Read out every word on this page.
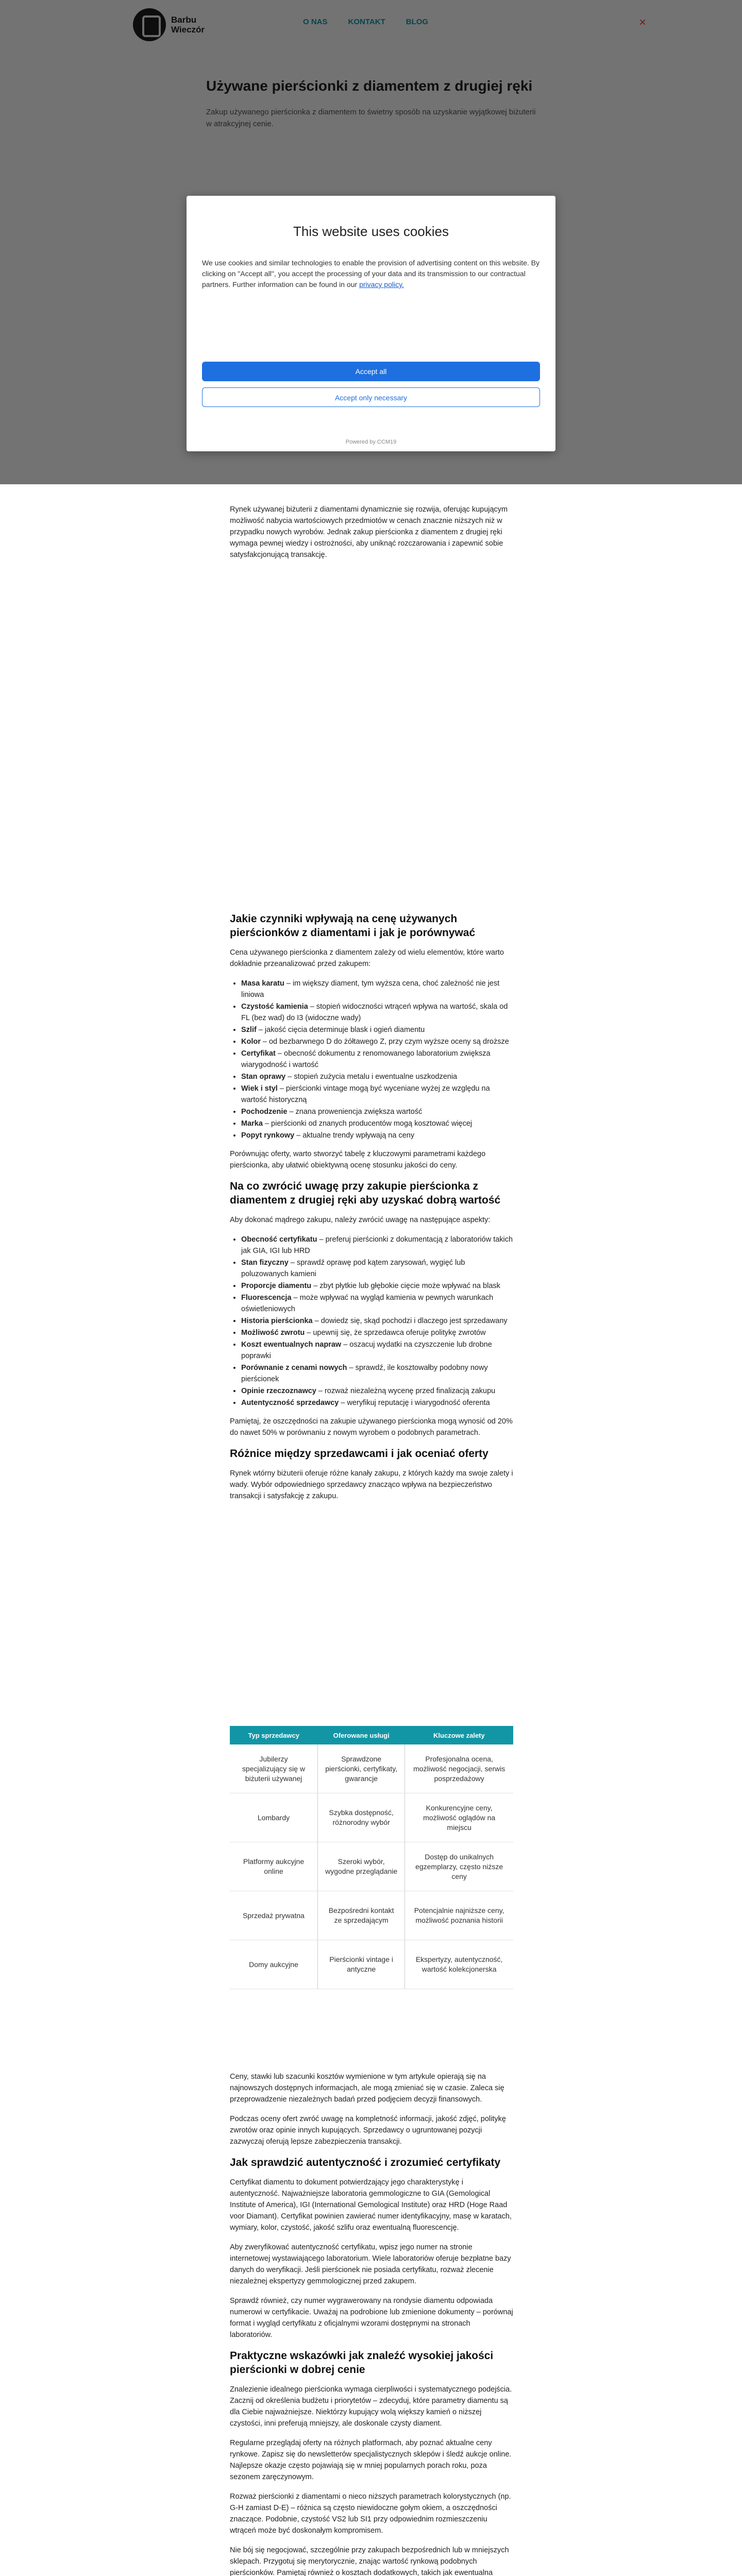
This website uses cookies

We use cookies and similar technologies to enable the provision of advertising content on this website. By clicking on "Accept all", you accept the processing of your data and its transmission to our contractual partners. Further information can be found in our privacy policy.

Accept all
Accept only necessary
Powered by CCM19

Rynek używanej biżuterii z diamentami dynamicznie się rozwija, oferując kupującym możliwość nabycia wartościowych przedmiotów w cenach znacznie niższych niż w przypadku nowych wyrobów. Jednak zakup pierścionka z diamentem z drugiej ręki wymaga pewnej wiedzy i ostrożności, aby uniknąć rozczarowania i zapewnić sobie satysfakcjonującą transakcję.

Jakie czynniki wpływają na cenę używanych pierścionków z diamentami i jak je porównywać

Cena używanego pierścionka z diamentem zależy od wielu elementów, które warto dokładnie przeanalizować przed zakupem:

• Masa karatu – im większy diament, tym wyższa cena, choć zależność nie jest liniowa
• Czystość kamienia – stopień widoczności wtrąceń wpływa na wartość, skala od FL (bez wad) do I3 (widoczne wady)
• Szlif – jakość cięcia determinuje blask i ogień diamentu
• Kolor – od bezbarwnego D do żółtawego Z, przy czym wyższe oceny są droższe
• Certyfikat – obecność dokumentu z renomowanego laboratorium zwiększa wiarygodność i wartość
• Stan oprawy – stopień zużycia metalu i ewentualne uszkodzenia
• Wiek i styl – pierścionki vintage mogą być wyceniane wyżej ze względu na wartość historyczną
• Pochodzenie – znana proweniencja zwiększa wartość
• Marka – pierścionki od znanych producentów mogą kosztować więcej
• Popyt rynkowy – aktualne trendy wpływają na ceny

Porównując oferty, warto stworzyć tabelę z kluczowymi parametrami każdego pierścionka, aby ułatwić obiektywną ocenę stosunku jakości do ceny.

Na co zwrócić uwagę przy zakupie pierścionka z diamentem z drugiej ręki aby uzyskać dobrą wartość

Aby dokonać mądrego zakupu, należy zwrócić uwagę na następujące aspekty:

• Obecność certyfikatu – preferuj pierścionki z dokumentacją z laboratoriów takich jak GIA, IGI lub HRD
• Stan fizyczny – sprawdź oprawę pod kątem zarysowań, wygięć lub poluzowanych kamieni
• Proporcje diamentu – zbyt płytkie lub głębokie cięcie może wpływać na blask
• Fluorescencja – może wpływać na wygląd kamienia w pewnych warunkach oświetleniowych
• Historia pierścionka – dowiedz się, skąd pochodzi i dlaczego jest sprzedawany
• Możliwość zwrotu – upewnij się, że sprzedawca oferuje politykę zwrotów
• Koszt ewentualnych napraw – oszacuj wydatki na czyszczenie lub drobne poprawki
• Porównanie z cenami nowych – sprawdź, ile kosztowałby podobny nowy pierścionek
• Opinie rzeczoznawcy – rozważ niezależną wycenę przed finalizacją zakupu
• Autentyczność sprzedawcy – weryfikuj reputację i wiarygodność oferenta

Pamiętaj, że oszczędności na zakupie używanego pierścionka mogą wynosić od 20% do nawet 50% w porównaniu z nowym wyrobem o podobnych parametrach.

Różnice między sprzedawcami i jak oceniać oferty

Rynek wtórny biżuterii oferuje różne kanały zakupu, z których każdy ma swoje zalety i wady. Wybór odpowiedniego sprzedawcy znacząco wpływa na bezpieczeństwo transakcji i satysfakcję z zakupu.

Typ sprzedawcy	Oferowane usługi	Kluczowe zalety
Jubilerzy specjalizujący się w biżuterii używanej	Sprawdzone pierścionki, certyfikaty, gwarancje	Profesjonalna ocena, możliwość negocjacji, serwis posprzedażowy
Lombardy	Szybka dostępność, różnorodny wybór	Konkurencyjne ceny, możliwość oglądów na miejscu
Platformy aukcyjne online	Szeroki wybór, wygodne przeglądanie	Dostęp do unikalnych egzemplarzy, często niższe ceny
Sprzedaż prywatna	Bezpośredni kontakt ze sprzedającym	Potencjalnie najniższe ceny, możliwość poznania historii
Domy aukcyjne	Pierścionki vintage i antyczne	Ekspertyzy, autentyczność, wartość kolekcjonerska

Ceny, stawki lub szacunki kosztów wymienione w tym artykule opierają się na najnowszych dostępnych informacjach, ale mogą zmieniać się w czasie. Zaleca się przeprowadzenie niezależnych badań przed podjęciem decyzji finansowych.

Podczas oceny ofert zwróć uwagę na kompletność informacji, jakość zdjęć, politykę zwrotów oraz opinie innych kupujących. Sprzedawcy o ugruntowanej pozycji zazwyczaj oferują lepsze zabezpieczenia transakcji.

Jak sprawdzić autentyczność i zrozumieć certyfikaty

Certyfikat diamentu to dokument potwierdzający jego charakterystykę i autentyczność. Najważniejsze laboratoria gemmologiczne to GIA (Gemological Institute of America), IGI (International Gemological Institute) oraz HRD (Hoge Raad voor Diamant). Certyfikat powinien zawierać numer identyfikacyjny, masę w karatach, wymiary, kolor, czystość, jakość szlifu oraz ewentualną fluorescencję.

Aby zweryfikować autentyczność certyfikatu, wpisz jego numer na stronie internetowej wystawiającego laboratorium. Wiele laboratoriów oferuje bezpłatne bazy danych do weryfikacji. Jeśli pierścionek nie posiada certyfikatu, rozważ zlecenie niezależnej ekspertyzy gemmologicznej przed zakupem.

Sprawdź również, czy numer wygrawerowany na rondysie diamentu odpowiada numerowi w certyfikacie. Uważaj na podrobione lub zmienione dokumenty – porównaj format i wygląd certyfikatu z oficjalnymi wzorami dostępnymi na stronach laboratoriów.

Praktyczne wskazówki jak znaleźć wysokiej jakości pierścionki w dobrej cenie

Znalezienie idealnego pierścionka wymaga cierpliwości i systematycznego podejścia. Zacznij od określenia budżetu i priorytetów – zdecyduj, które parametry diamentu są dla Ciebie najważniejsze. Niektórzy kupujący wolą większy kamień o niższej czystości, inni preferują mniejszy, ale doskonale czysty diament.

Regularne przeglądaj oferty na różnych platformach, aby poznać aktualne ceny rynkowe. Zapisz się do newsletterów specjalistycznych sklepów i śledź aukcje online. Najlepsze okazje często pojawiają się w mniej popularnych porach roku, poza sezonem zaręczynowym.

Rozważ pierścionki z diamentami o nieco niższych parametrach kolorystycznych (np. G-H zamiast D-E) – różnica są często niewidoczne gołym okiem, a oszczędności znaczące. Podobnie, czystość VS2 lub SI1 przy odpowiednim rozmieszczeniu wtrąceń może być doskonałym kompromisem.

Nie bój się negocjować, szczególnie przy zakupach bezpośrednich lub w mniejszych sklepach. Przygotuj się merytorycznie, znając wartość rynkową podobnych pierścionków. Pamiętaj również o kosztach dodatkowych, takich jak ewentualna
